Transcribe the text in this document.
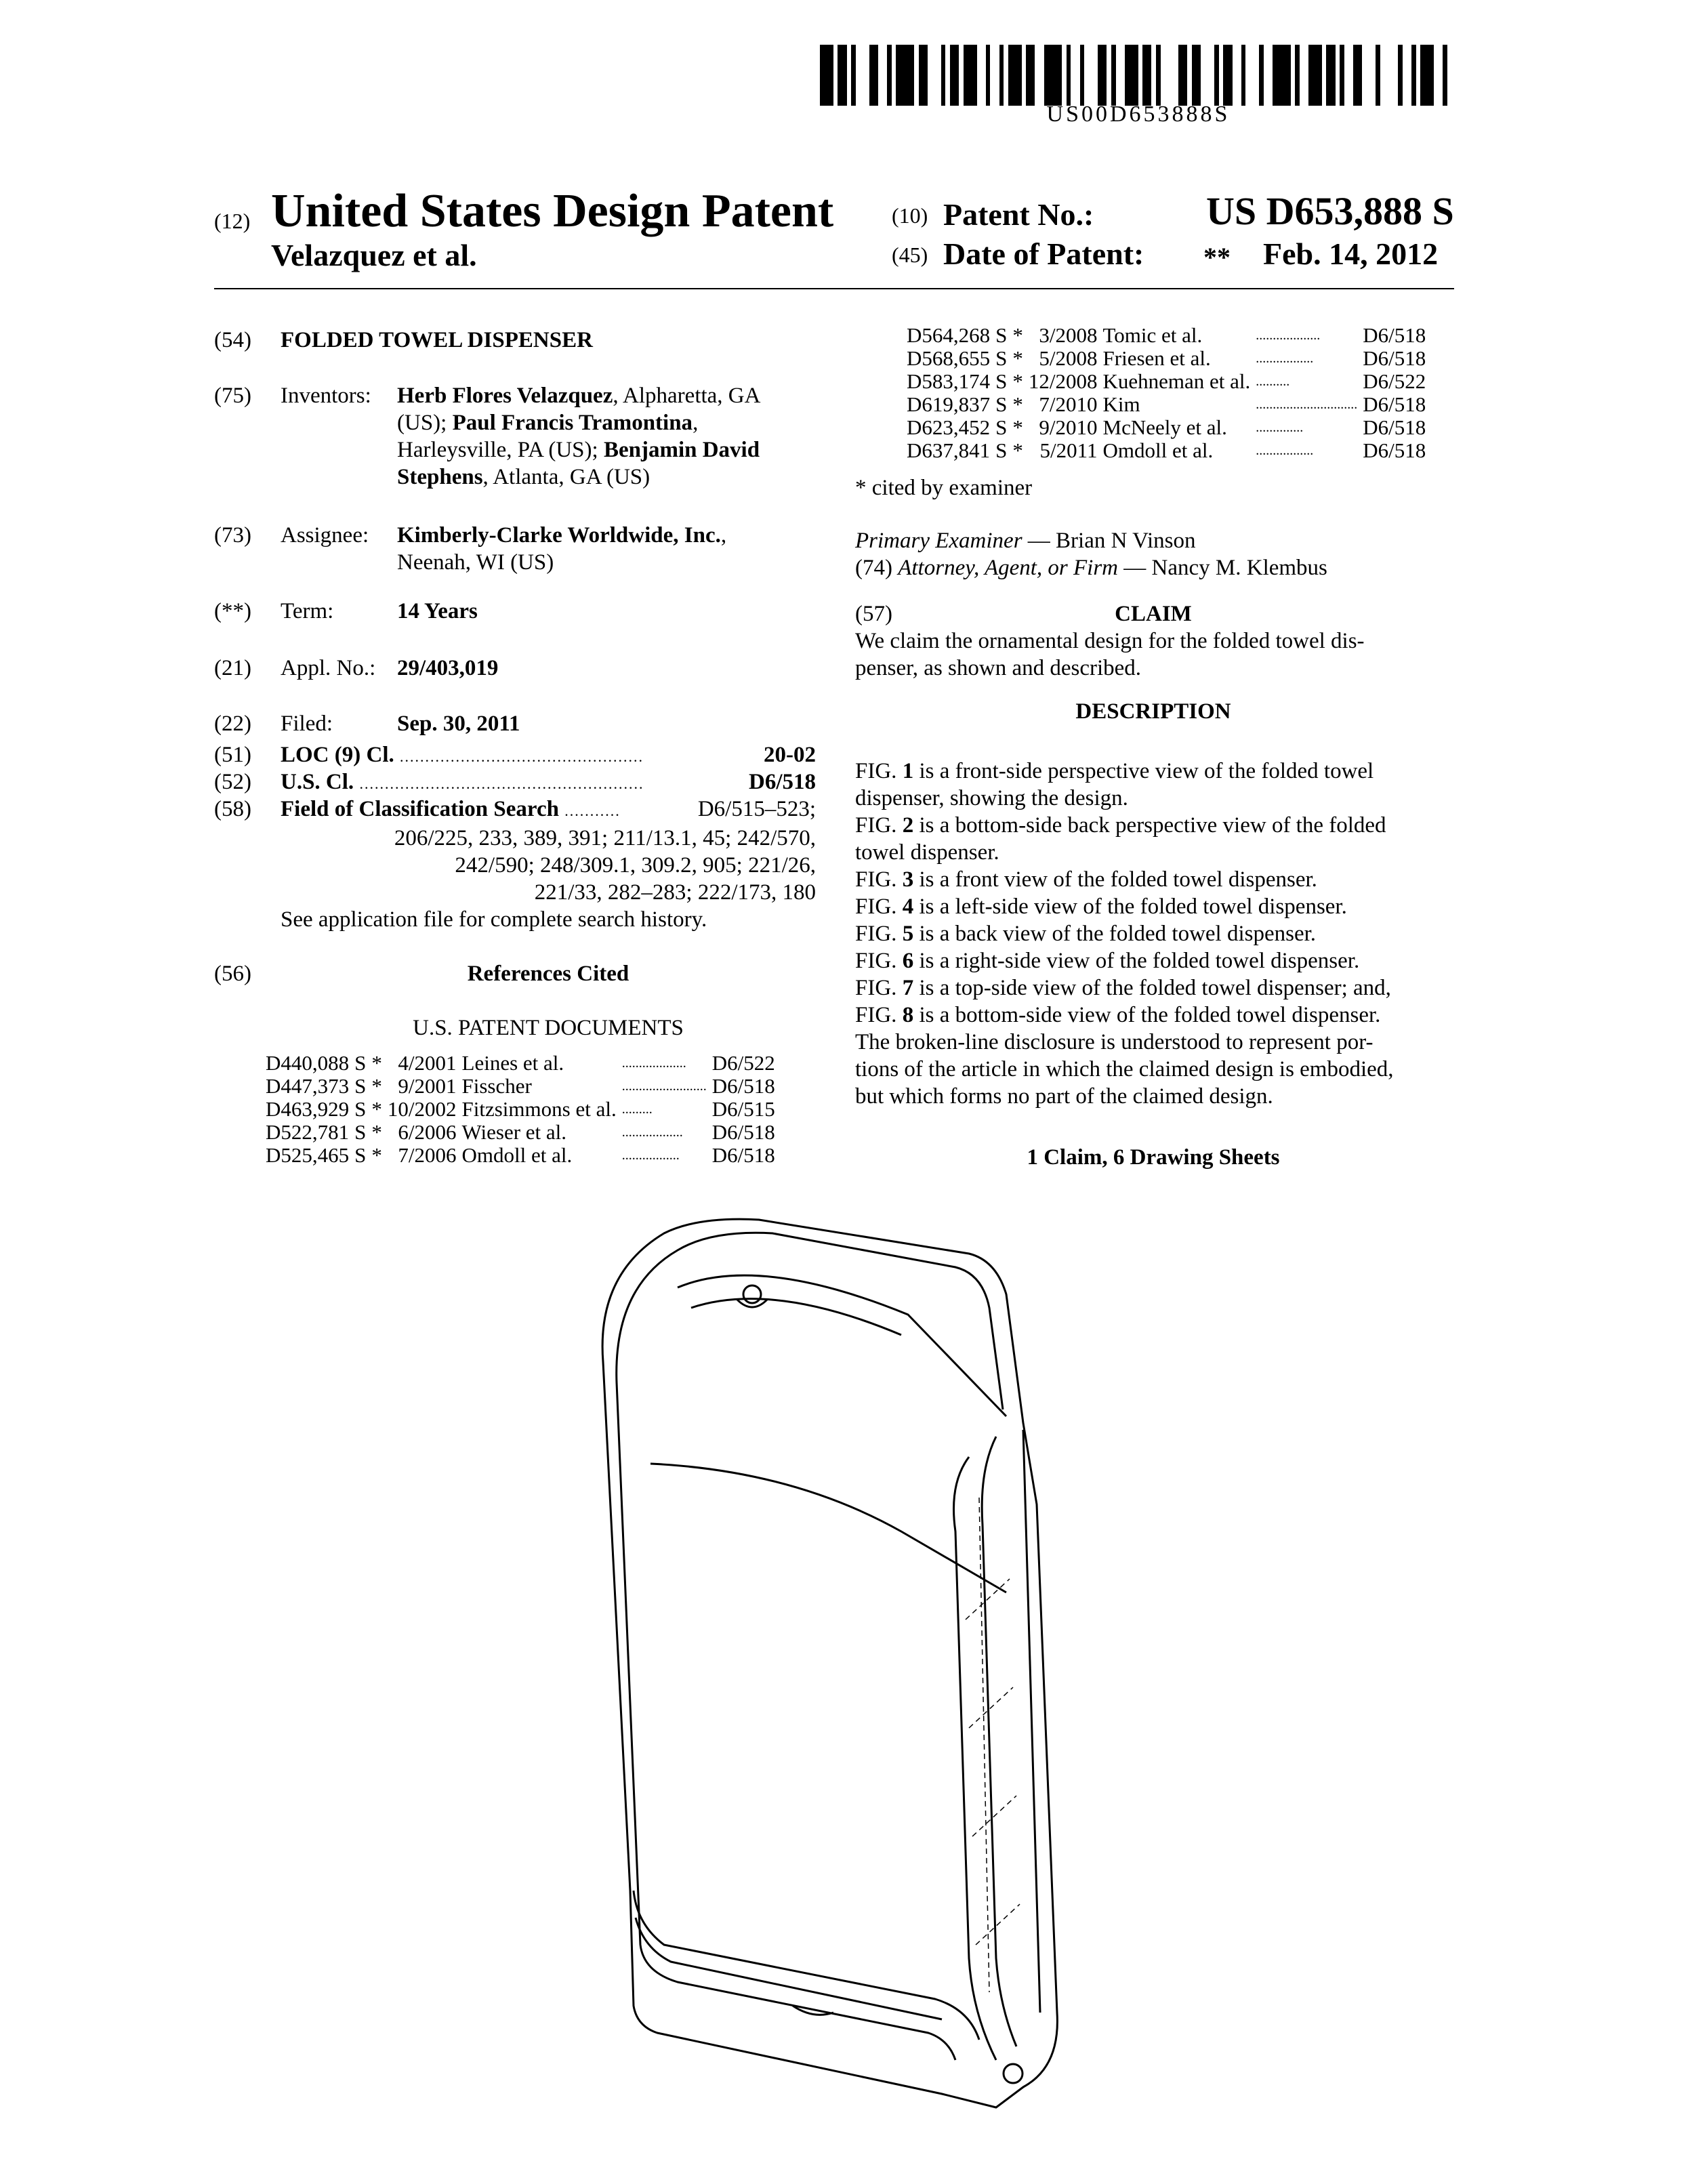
US00D653888S
(12) United States Design Patent
Velazquez et al.
(10) Patent No.:	US D653,888 S
(45) Date of Patent: ** Feb. 14, 2012
(54) FOLDED TOWEL DISPENSER
(75) Inventors: Herb Flores Velazquez, Alpharetta, GA
(US); Paul Francis Tramontina,
Harleysville, PA (US); Benjamin David
Stephens, Atlanta, GA (US)
(73) Assignee: Kimberly-Clarke Worldwide, Inc.,
Neenah, WI (US)
(**) Term:	14 Years
(21) Appl. No.: 29/403,019
(22) Filed:	Sep. 30, 2011
(51) LOC (9) Cl. ................................................	20-02
(52) U.S. Cl. ........................................................	D6/518
(58) Field of Classification Search ...........	D6/515–523;
206/225, 233, 389, 391; 211/13.1, 45; 242/570,
242/590; 248/309.1, 309.2, 905; 221/26,
221/33, 282–283; 222/173, 180
See application file for complete search history.
(56)	References Cited
U.S. PATENT DOCUMENTS
D440,088	S	*	4/2001	Leines et al.	...................	D6/522
D447,373	S	*	9/2001	Fisscher	.........................	D6/518
D463,929	S	*	10/2002	Fitzsimmons et al.	.........	D6/515
D522,781	S	*	6/2006	Wieser et al.	..................	D6/518
D525,465	S	*	7/2006	Omdoll et al.	.................	D6/518
D564,268	S	*	3/2008	Tomic et al.	...................	D6/518
D568,655	S	*	5/2008	Friesen et al.	.................	D6/518
D583,174	S	*	12/2008	Kuehneman et al.	..........	D6/522
D619,837	S	*	7/2010	Kim	..............................	D6/518
D623,452	S	*	9/2010	McNeely et al.	..............	D6/518
D637,841	S	*	5/2011	Omdoll et al.	.................	D6/518
* cited by examiner
Primary Examiner — Brian N Vinson
(74) Attorney, Agent, or Firm — Nancy M. Klembus
(57)	CLAIM
We claim the ornamental design for the folded towel dis-
penser, as shown and described.
DESCRIPTION
FIG. 1 is a front-side perspective view of the folded towel
dispenser, showing the design.
FIG. 2 is a bottom-side back perspective view of the folded
towel dispenser.
FIG. 3 is a front view of the folded towel dispenser.
FIG. 4 is a left-side view of the folded towel dispenser.
FIG. 5 is a back view of the folded towel dispenser.
FIG. 6 is a right-side view of the folded towel dispenser.
FIG. 7 is a top-side view of the folded towel dispenser; and,
FIG. 8 is a bottom-side view of the folded towel dispenser.
The broken-line disclosure is understood to represent por-
tions of the article in which the claimed design is embodied,
but which forms no part of the claimed design.
1 Claim, 6 Drawing Sheets
